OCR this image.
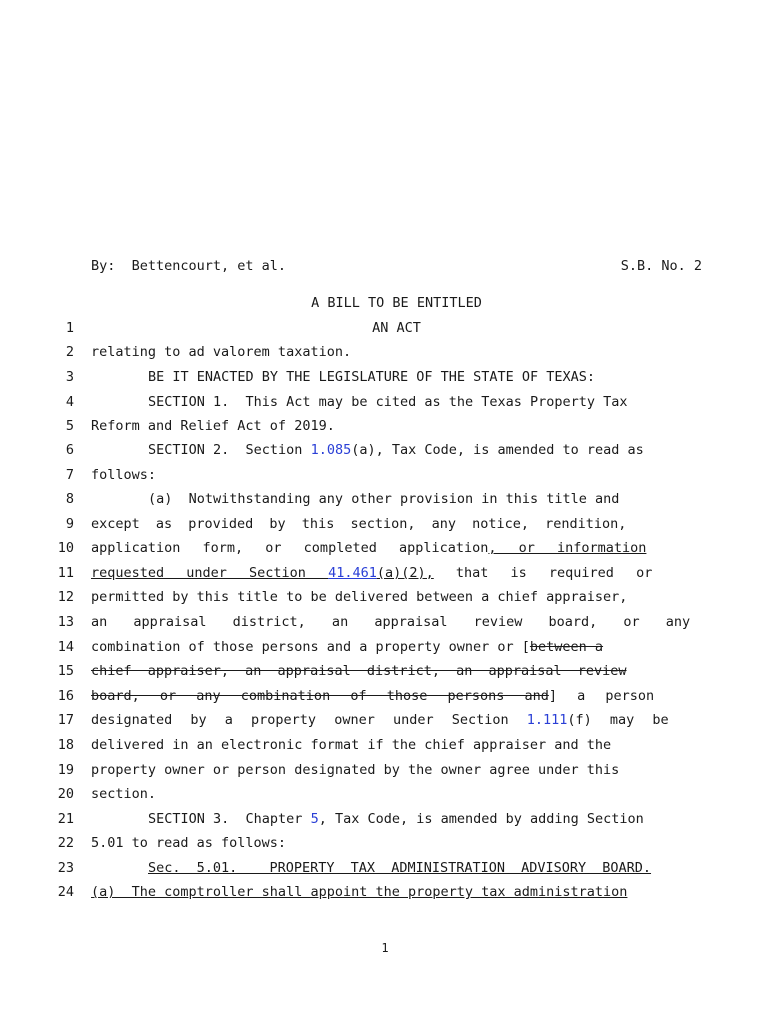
By:  Bettencourt, et al.	S.B. No. 2
A BILL TO BE ENTITLED
1
2
3
4
5
6
7
8
9
10
11
12
13
14
15
16
17
18
19
20
21
22
23
24
AN ACT
relating to ad valorem taxation.
BE IT ENACTED BY THE LEGISLATURE OF THE STATE OF TEXAS:
SECTION 1.  This Act may be cited as the Texas Property Tax
Reform and Relief Act of 2019.
SECTION 2.  Section 1.085(a), Tax Code, is amended to read as
follows:
(a)  Notwithstanding any other provision in this title and
except as provided by this section, any notice, rendition,
application form, or completed application, or information
requested under Section 41.461(a)(2), that is required or
permitted by this title to be delivered between a chief appraiser,
an appraisal district, an appraisal review board, or any
combination of those persons and a property owner or [between a
chief appraiser, an appraisal district, an appraisal review
board, or any combination of those persons and] a person
designated by a property owner under Section 1.111(f) may be
delivered in an electronic format if the chief appraiser and the
property owner or person designated by the owner agree under this
section.
SECTION 3.  Chapter 5, Tax Code, is amended by adding Section
5.01 to read as follows:
Sec. 5.01.  PROPERTY TAX ADMINISTRATION ADVISORY BOARD.
(a)  The comptroller shall appoint the property tax administration
1
